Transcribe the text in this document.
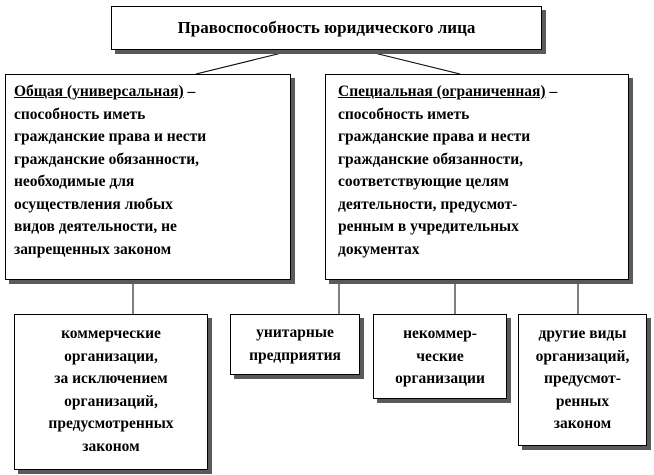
Правоспособность юридического лица
Общая (универсальная) –
способность иметь
гражданские права и нести
гражданские обязанности,
необходимые для
осуществления любых
видов деятельности, не
запрещенных законом
Специальная (ограниченная) –
способность иметь
гражданские права и нести
гражданские обязанности,
соответствующие целям
деятельности, предусмот-
ренным в учредительных
документах
коммерческие
организации,
за исключением
организаций,
предусмотренных
законом
унитарные
предприятия
некоммер-
ческие
организации
другие виды
организаций,
предусмот-
ренных
законом
